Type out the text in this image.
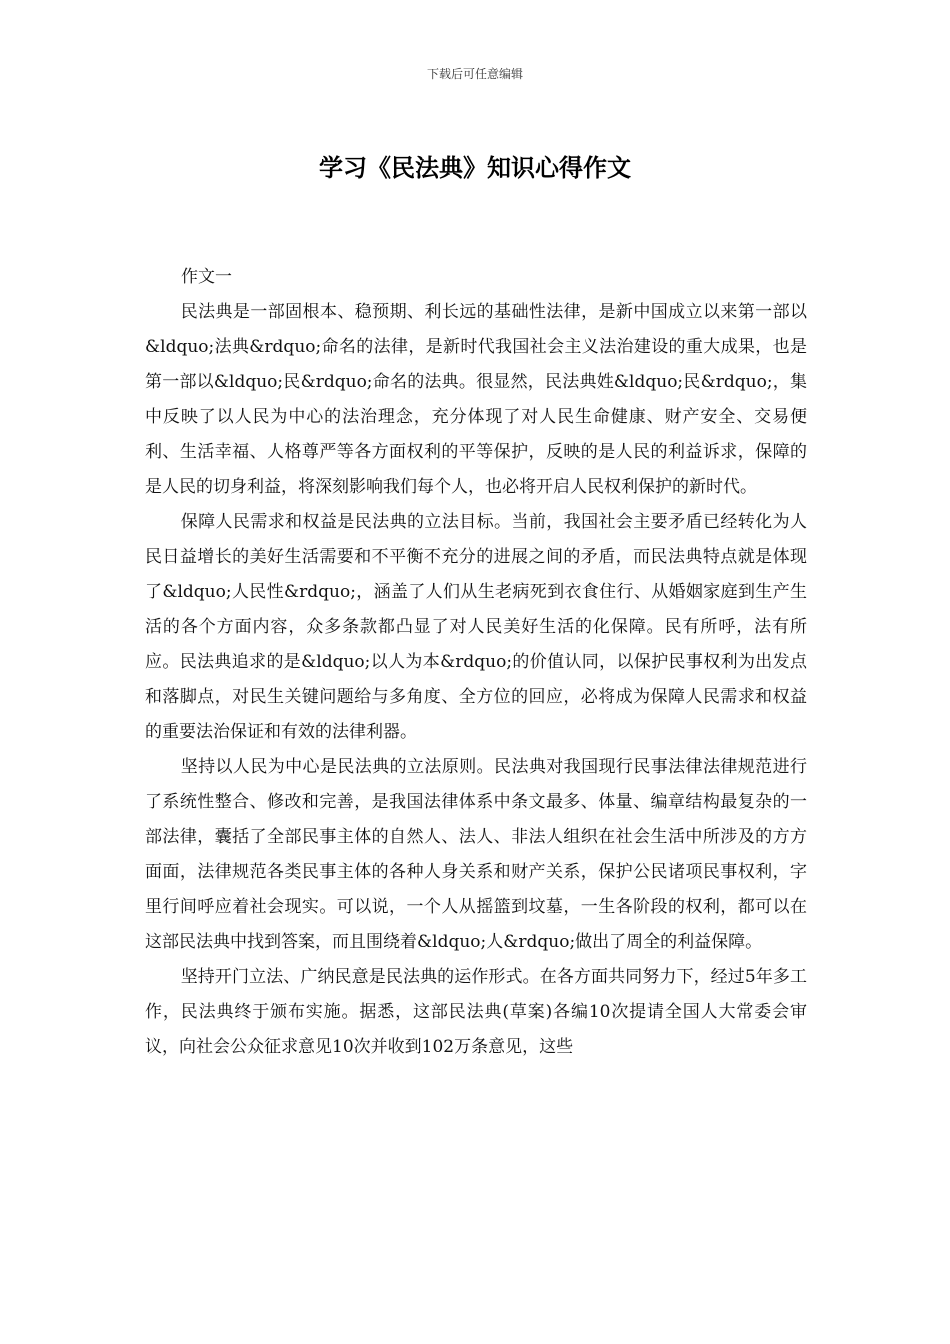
下载后可任意编辑
学习《民法典》知识心得作文

作文一

民法典是一部固根本、稳预期、利长远的基础性法律，是新中国成立以来第一部以&ldquo;法典&rdquo;命名的法律，是新时代我国社会主义法治建设的重大成果，也是第一部以&ldquo;民&rdquo;命名的法典。很显然，民法典姓&ldquo;民&rdquo;，集中反映了以人民为中心的法治理念，充分体现了对人民生命健康、财产安全、交易便利、生活幸福、人格尊严等各方面权利的平等保护，反映的是人民的利益诉求，保障的是人民的切身利益，将深刻影响我们每个人，也必将开启人民权利保护的新时代。

保障人民需求和权益是民法典的立法目标。当前，我国社会主要矛盾已经转化为人民日益增长的美好生活需要和不平衡不充分的进展之间的矛盾，而民法典特点就是体现了&ldquo;人民性&rdquo;，涵盖了人们从生老病死到衣食住行、从婚姻家庭到生产生活的各个方面内容，众多条款都凸显了对人民美好生活的化保障。民有所呼，法有所应。民法典追求的是&ldquo;以人为本&rdquo;的价值认同，以保护民事权利为出发点和落脚点，对民生关键问题给与多角度、全方位的回应，必将成为保障人民需求和权益的重要法治保证和有效的法律利器。

坚持以人民为中心是民法典的立法原则。民法典对我国现行民事法律法律规范进行了系统性整合、修改和完善，是我国法律体系中条文最多、体量、编章结构最复杂的一部法律，囊括了全部民事主体的自然人、法人、非法人组织在社会生活中所涉及的方方面面，法律规范各类民事主体的各种人身关系和财产关系，保护公民诸项民事权利，字里行间呼应着社会现实。可以说，一个人从摇篮到坟墓，一生各阶段的权利，都可以在这部民法典中找到答案，而且围绕着&ldquo;人&rdquo;做出了周全的利益保障。

坚持开门立法、广纳民意是民法典的运作形式。在各方面共同努力下，经过5年多工作，民法典终于颁布实施。据悉，这部民法典(草案)各编10次提请全国人大常委会审议，向社会公众征求意见10次并收到102万条意见，这些
